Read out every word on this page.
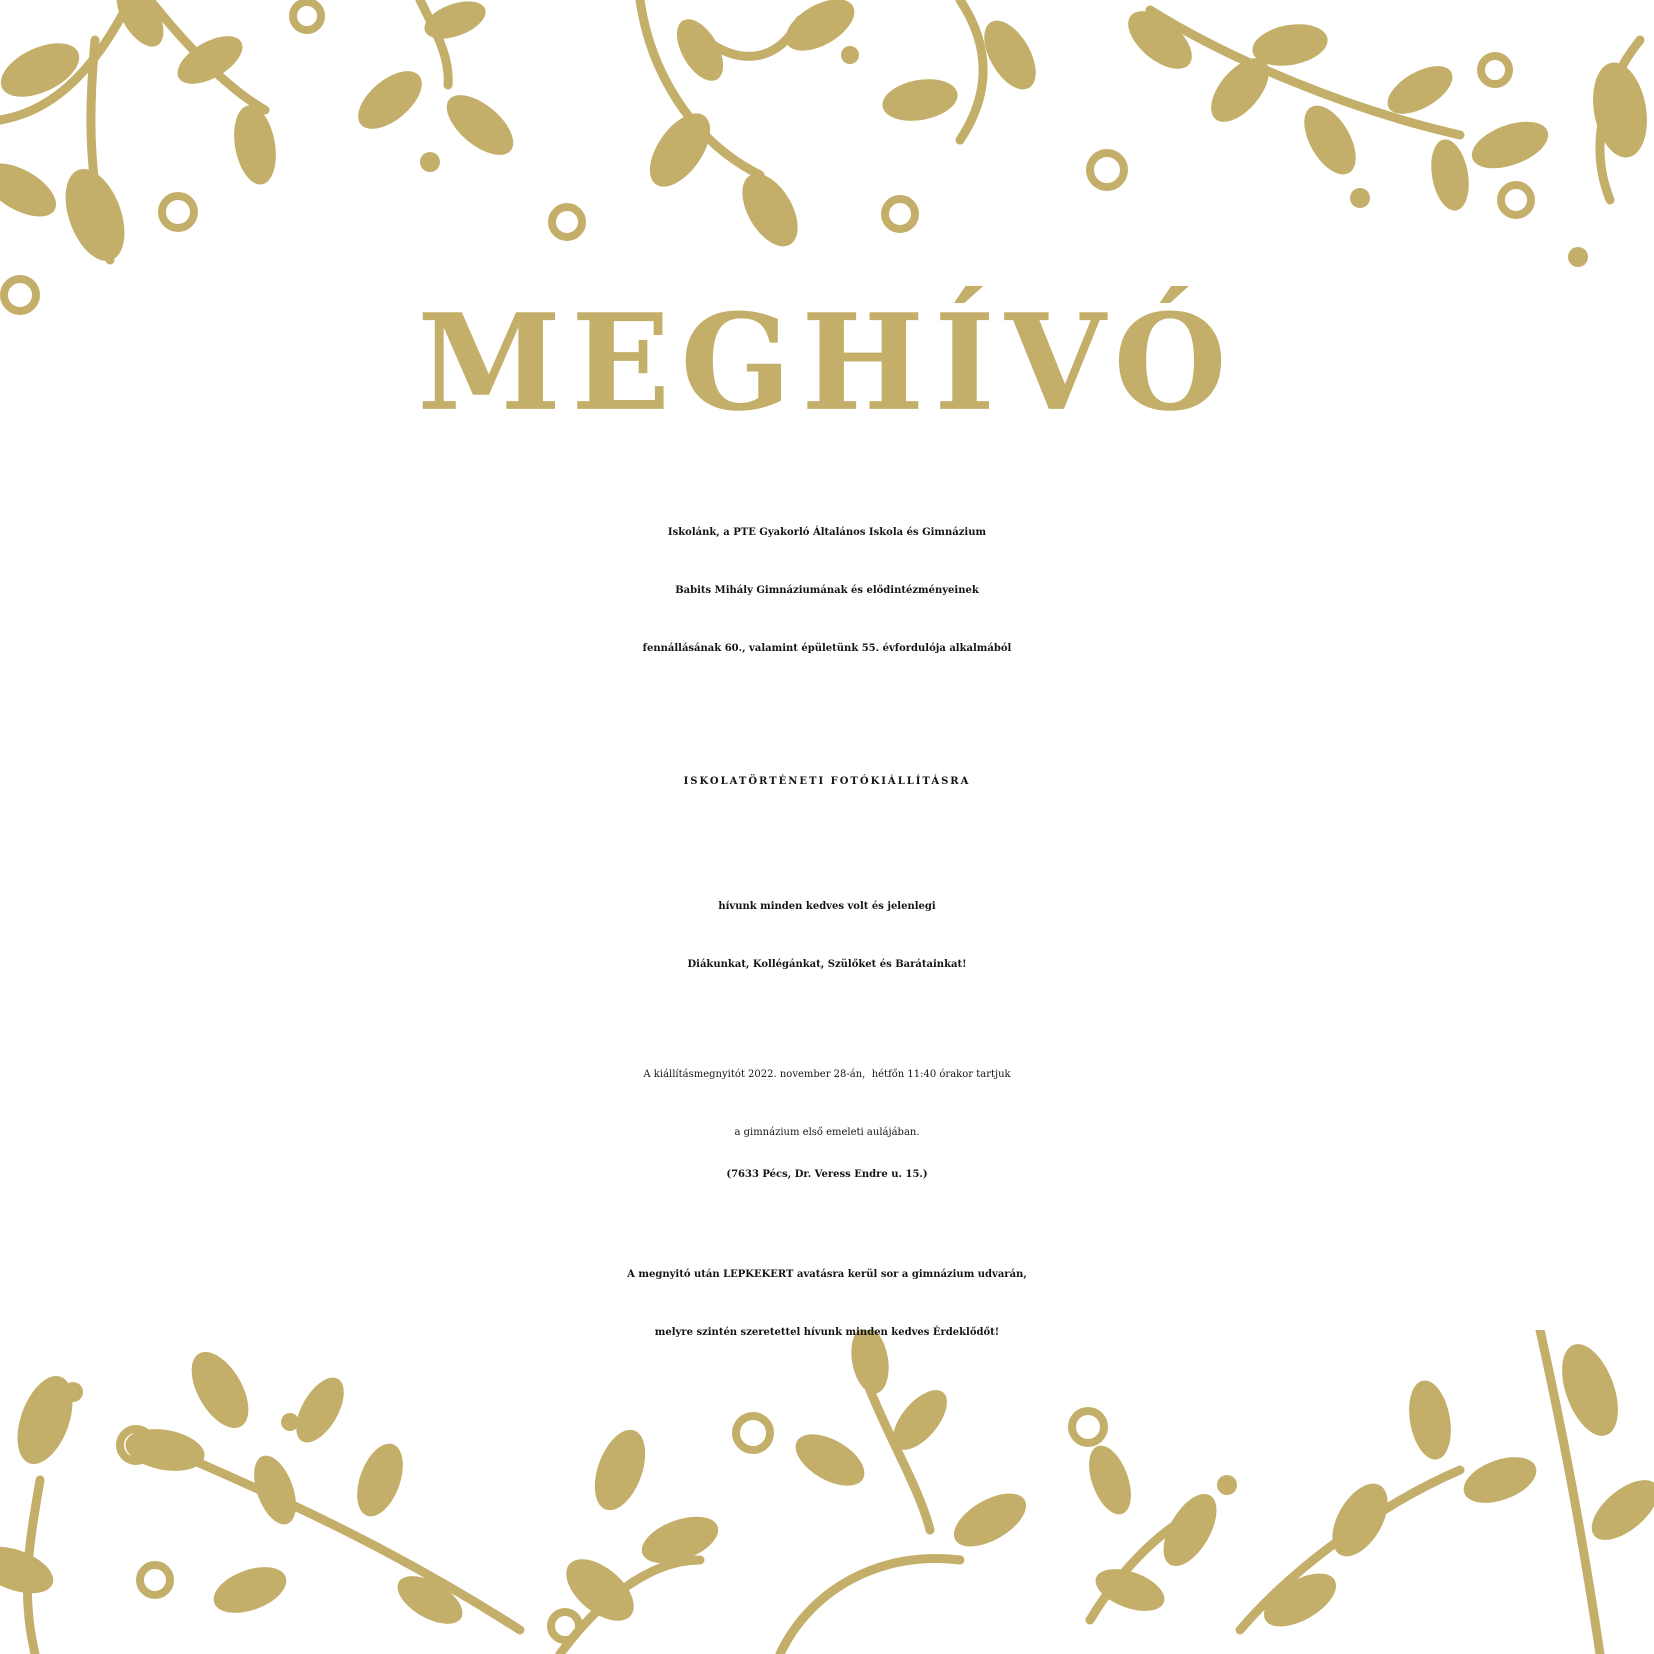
MEGHÍVÓ
Iskolánk, a PTE Gyakorló Általános Iskola és Gimnázium
Babits Mihály Gimnáziumának és elődintézményeinek
fennállásának 60., valamint épületünk 55. évfordulója alkalmából
ISKOLATÖRTÉNETI FOTÓKIÁLLÍTÁSRA
hívunk minden kedves volt és jelenlegi
Diákunkat, Kollégánkat, Szülőket és Barátainkat!
A kiállításmegnyitót 2022. november 28-án,  hétfőn 11:40 órakor tartjuk
a gimnázium első emeleti aulájában.
(7633 Pécs, Dr. Veress Endre u. 15.)
A megnyitó után LEPKEKERT avatásra kerül sor a gimnázium udvarán,
melyre szintén szeretettel hívunk minden kedves Érdeklődőt!
